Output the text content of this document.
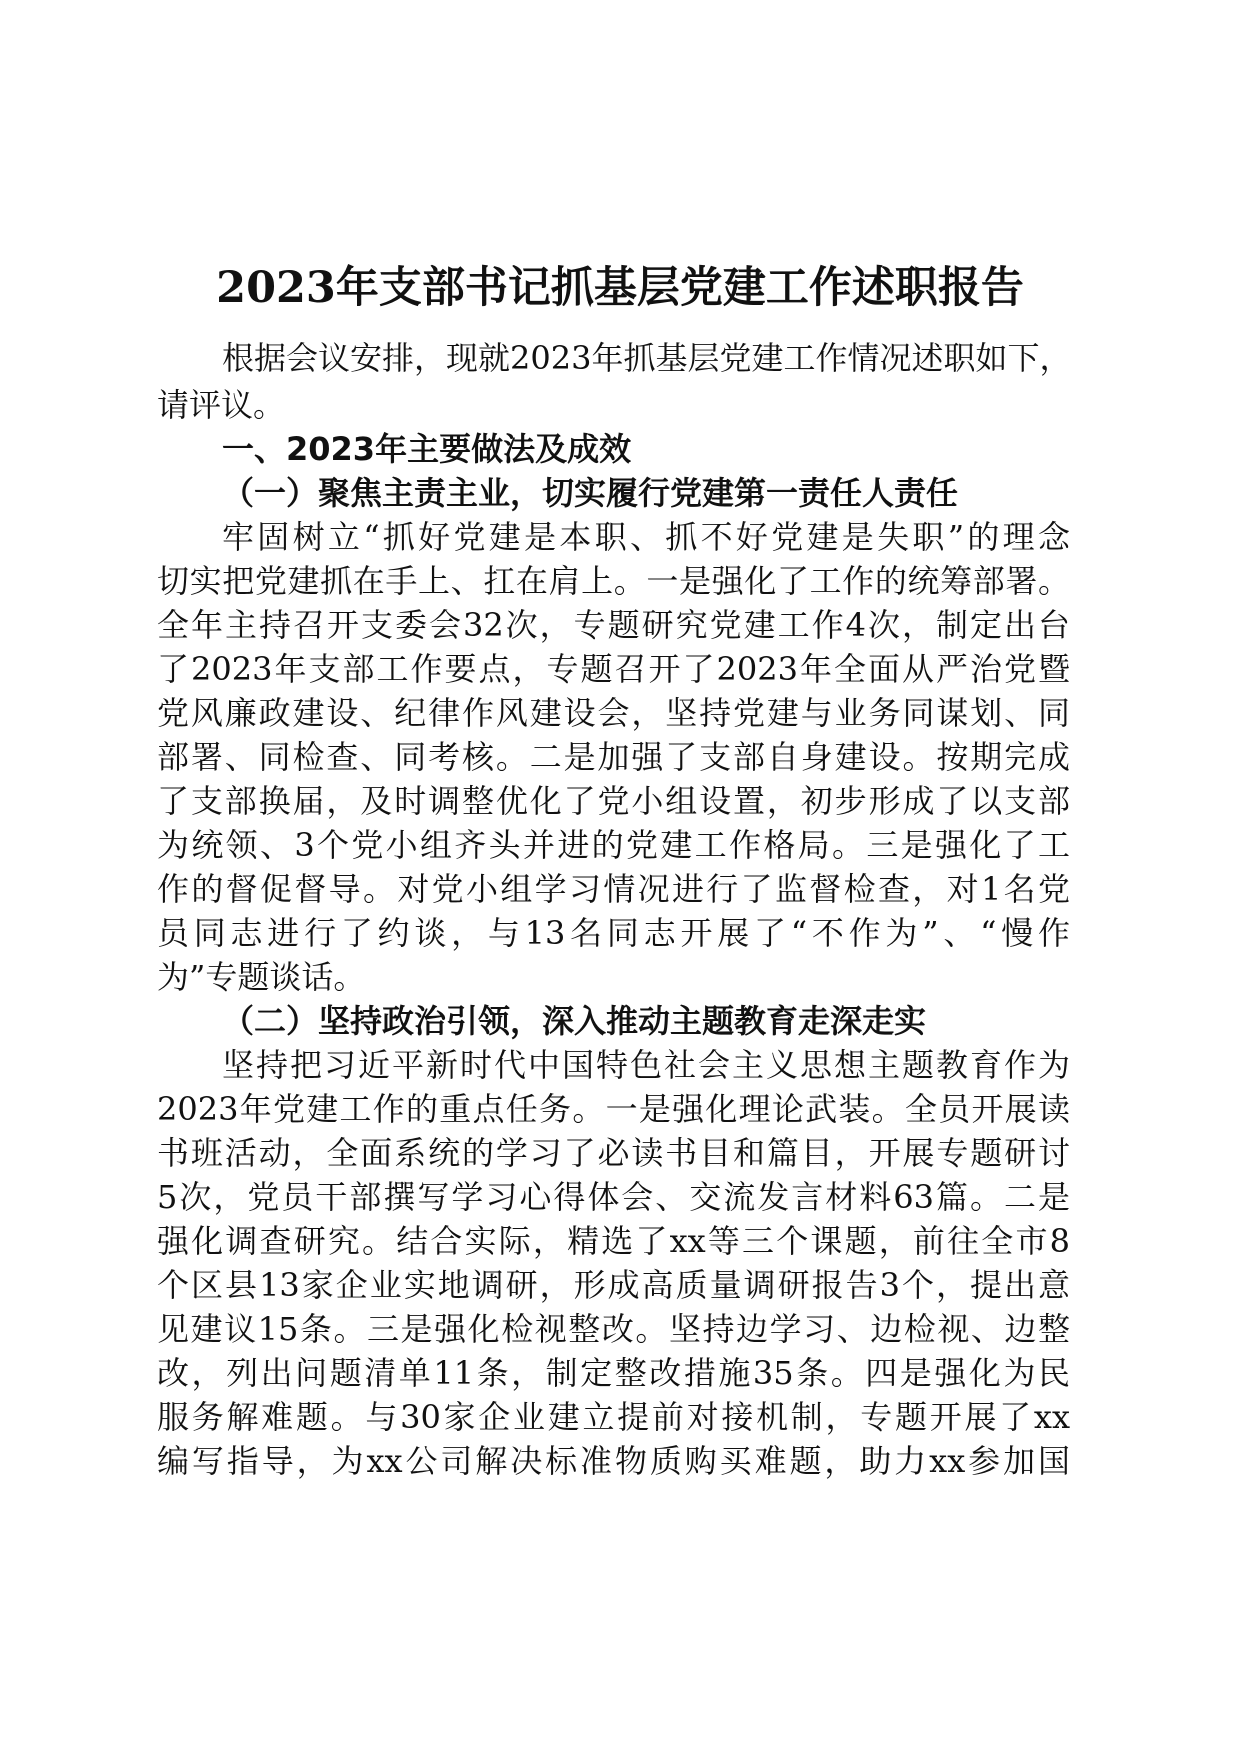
2023年支部书记抓基层党建工作述职报告
根据会议安排，现就2023年抓基层党建工作情况述职如下，
请评议。
一、2023年主要做法及成效
（一）聚焦主责主业，切实履行党建第一责任人责任
牢固树立“抓好党建是本职、抓不好党建是失职”的理念
切实把党建抓在手上、扛在肩上。一是强化了工作的统筹部署。
全年主持召开支委会32次，专题研究党建工作4次，制定出台
了2023年支部工作要点，专题召开了2023年全面从严治党暨
党风廉政建设、纪律作风建设会，坚持党建与业务同谋划、同
部署、同检查、同考核。二是加强了支部自身建设。按期完成
了支部换届，及时调整优化了党小组设置，初步形成了以支部
为统领、3个党小组齐头并进的党建工作格局。三是强化了工
作的督促督导。对党小组学习情况进行了监督检查，对1名党
员同志进行了约谈，与13名同志开展了“不作为”、“慢作
为”专题谈话。
（二）坚持政治引领，深入推动主题教育走深走实
坚持把习近平新时代中国特色社会主义思想主题教育作为
2023年党建工作的重点任务。一是强化理论武装。全员开展读
书班活动，全面系统的学习了必读书目和篇目，开展专题研讨
5次，党员干部撰写学习心得体会、交流发言材料63篇。二是
强化调查研究。结合实际，精选了xx等三个课题，前往全市8
个区县13家企业实地调研，形成高质量调研报告3个，提出意
见建议15条。三是强化检视整改。坚持边学习、边检视、边整
改，列出问题清单11条，制定整改措施35条。四是强化为民
服务解难题。与30家企业建立提前对接机制，专题开展了xx
编写指导，为xx公司解决标准物质购买难题，助力xx参加国
